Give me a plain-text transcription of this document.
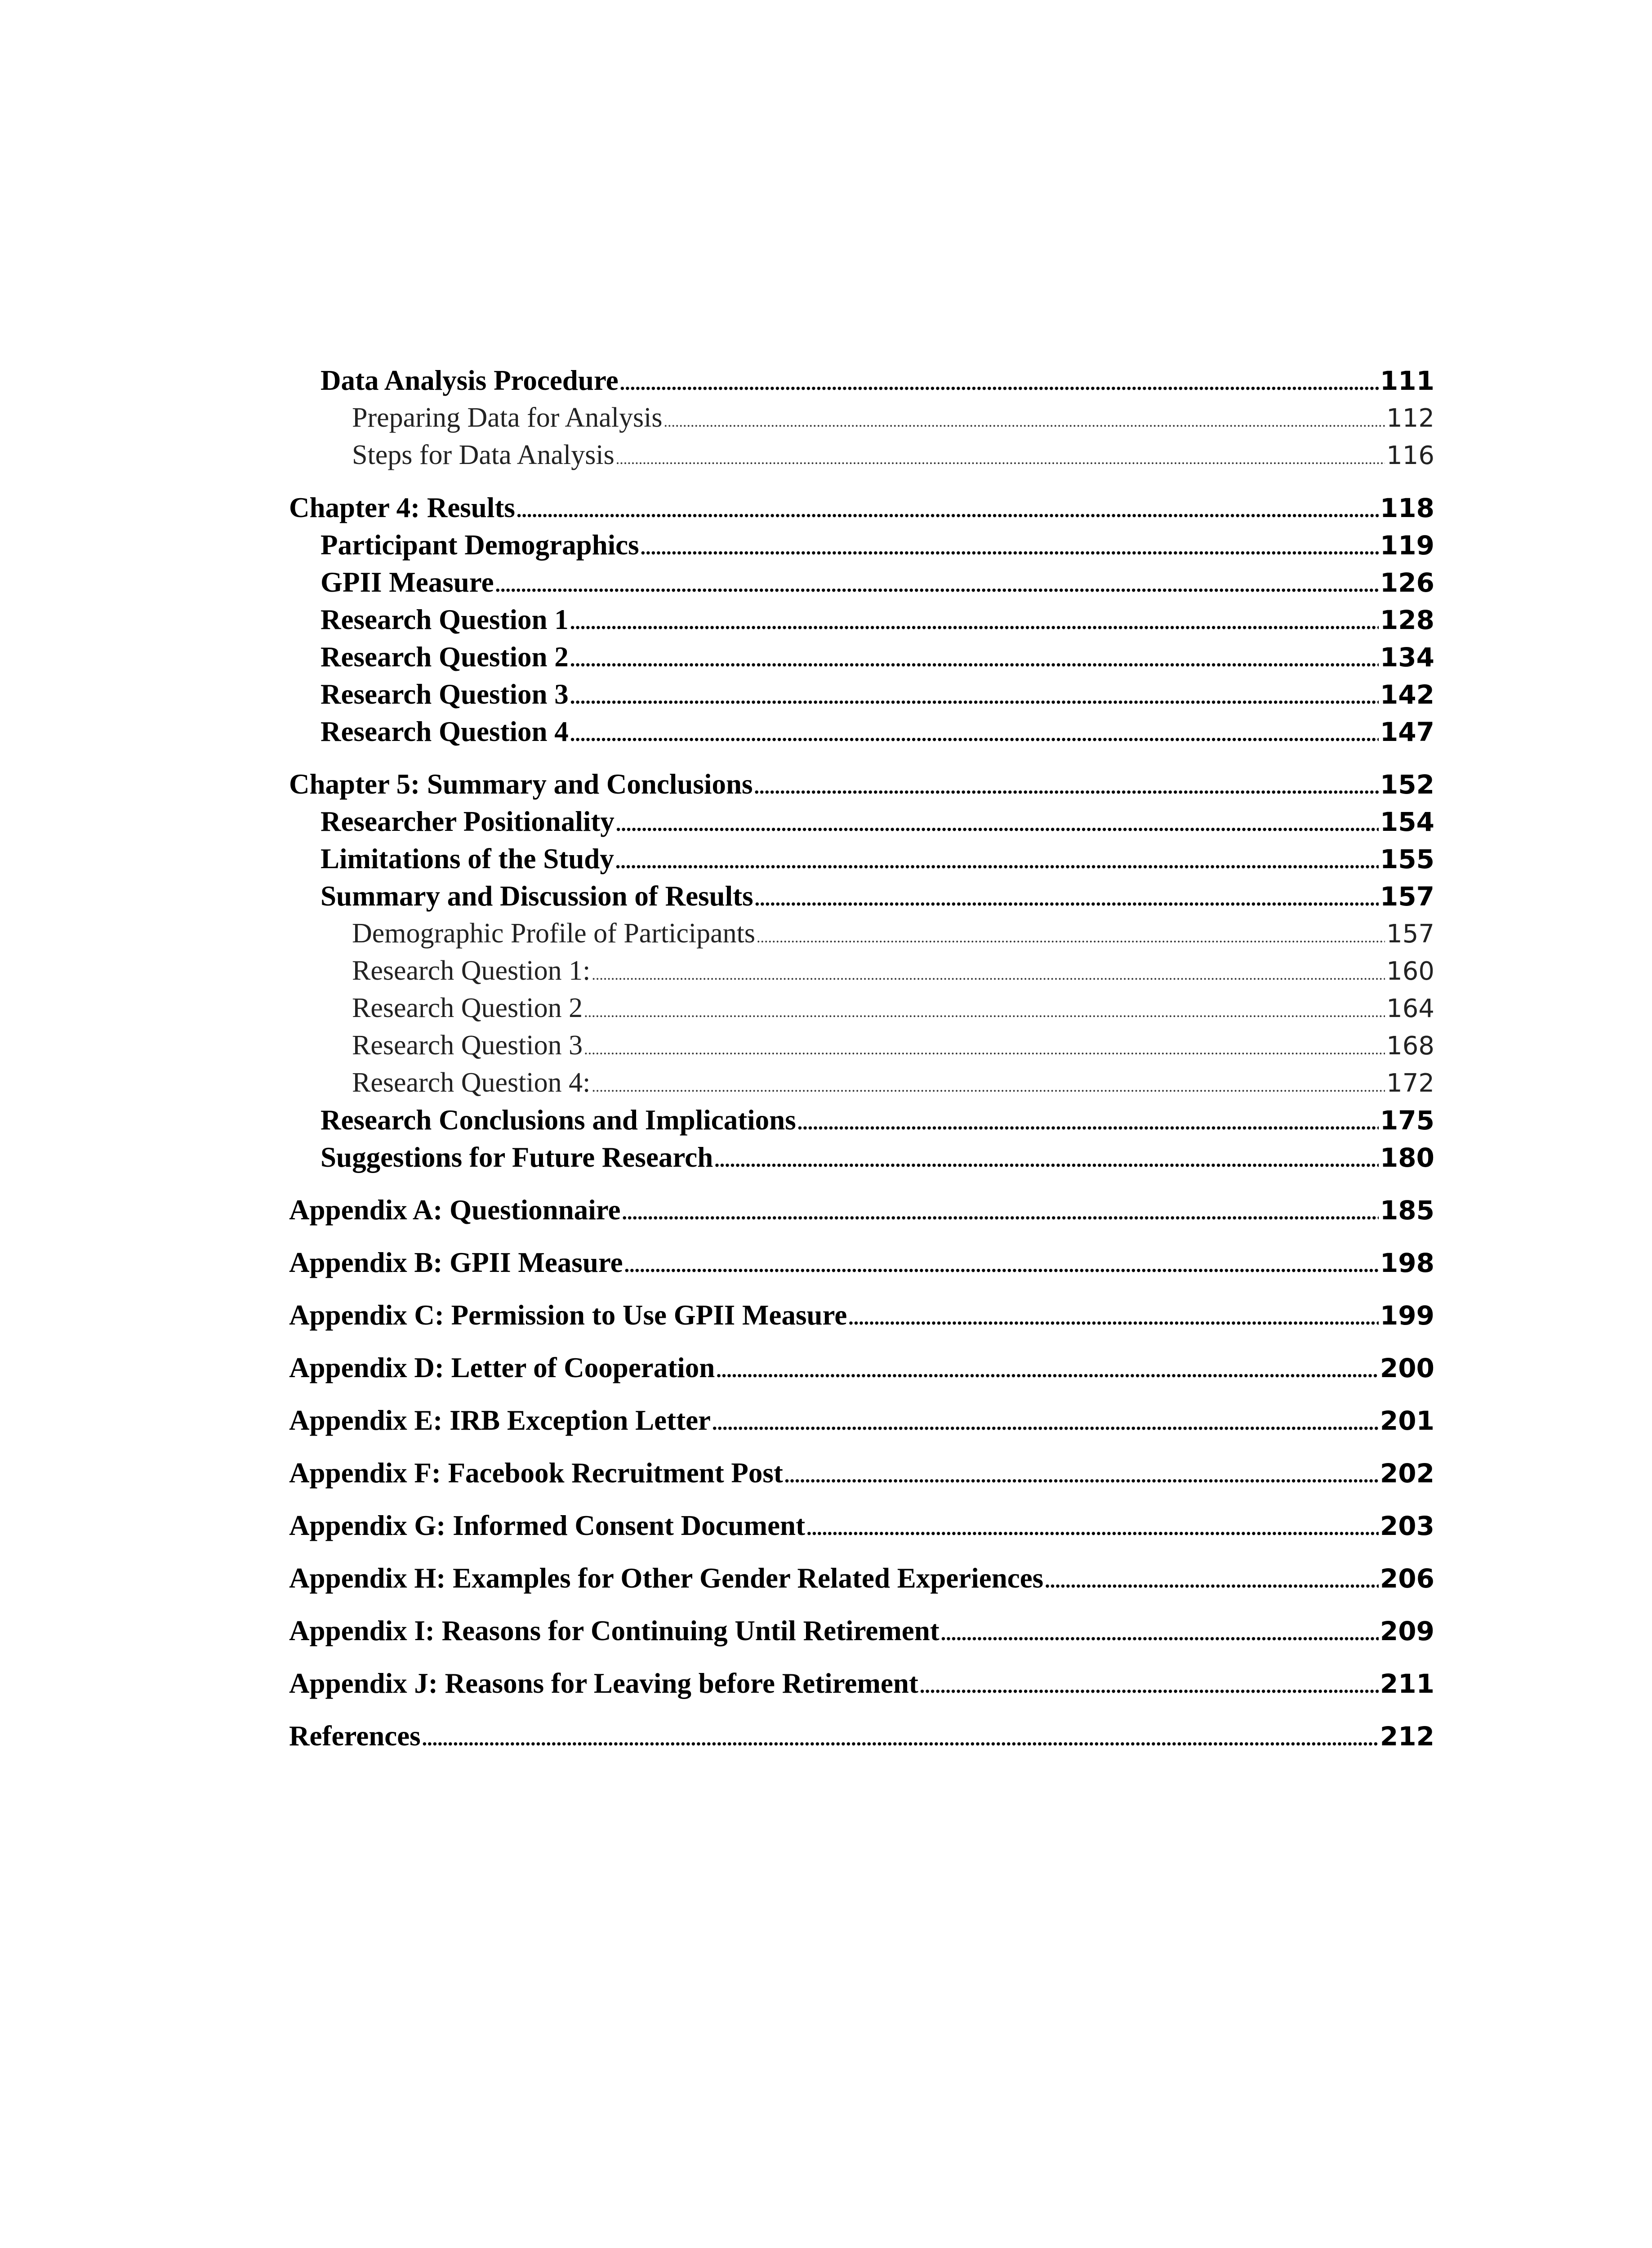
Data Analysis Procedure .....	111
Preparing Data for Analysis .....	112
Steps for Data Analysis .....	116
Chapter 4: Results .....	118
Participant Demographics .....	119
GPII Measure .....	126
Research Question 1 .....	128
Research Question 2 .....	134
Research Question 3 .....	142
Research Question 4 .....	147
Chapter 5: Summary and Conclusions .....	152
Researcher Positionality .....	154
Limitations of the Study .....	155
Summary and Discussion of Results .....	157
Demographic Profile of Participants .....	157
Research Question 1: .....	160
Research Question 2 .....	164
Research Question 3 .....	168
Research Question 4: .....	172
Research Conclusions and Implications .....	175
Suggestions for Future Research .....	180
Appendix A: Questionnaire .....	185
Appendix B: GPII Measure .....	198
Appendix C: Permission to Use GPII Measure .....	199
Appendix D: Letter of Cooperation .....	200
Appendix E: IRB Exception Letter .....	201
Appendix F: Facebook Recruitment Post .....	202
Appendix G: Informed Consent Document .....	203
Appendix H: Examples for Other Gender Related Experiences .....	206
Appendix I: Reasons for Continuing Until Retirement .....	209
Appendix J: Reasons for Leaving before Retirement .....	211
References .....	212
